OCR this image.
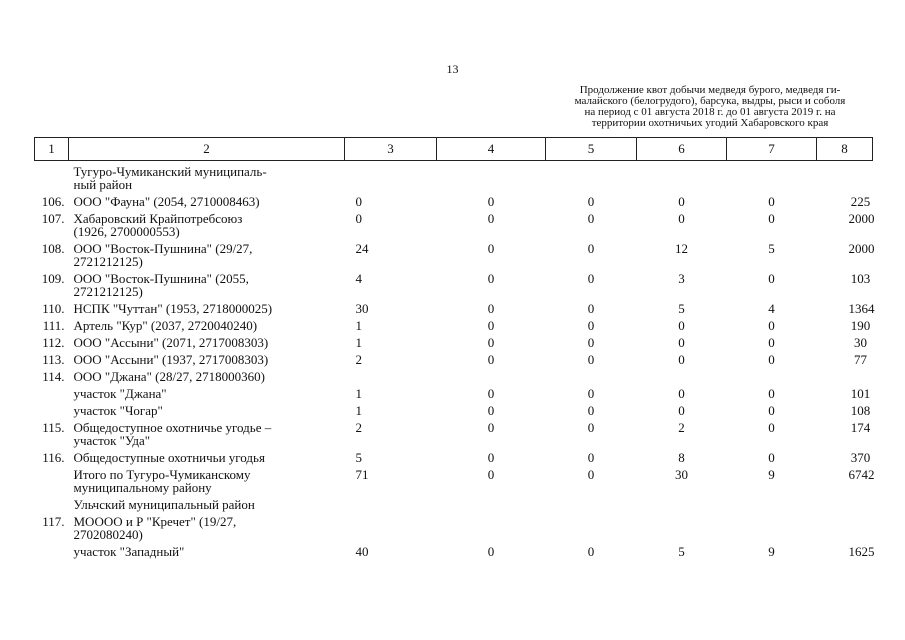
13
Продолжение квот добычи медведя бурого, медведя ги-
малайского (белогрудого), барсука, выдры, рыси и соболя
на период с 01 августа 2018 г. до 01 августа 2019 г. на
территории охотничьих угодий Хабаровского края
1	2	3	4	5	6	7	8
	Тугуро-Чумиканский муниципаль-
ный район						
106.	ООО "Фауна" (2054, 2710008463)	0	0	0	0	0	225
107.	Хабаровский Крайпотребсоюз
(1926, 2700000553)	0	0	0	0	0	2000
108.	ООО "Восток-Пушнина" (29/27,
2721212125)	24	0	0	12	5	2000
109.	ООО "Восток-Пушнина" (2055,
2721212125)	4	0	0	3	0	103
110.	НСПК "Чуттан" (1953, 2718000025)	30	0	0	5	4	1364
111.	Артель "Кур" (2037, 2720040240)	1	0	0	0	0	190
112.	ООО "Ассыни" (2071, 2717008303)	1	0	0	0	0	30
113.	ООО "Ассыни" (1937, 2717008303)	2	0	0	0	0	77
114.	ООО "Джана" (28/27, 2718000360)						
	участок "Джана"	1	0	0	0	0	101
	участок "Чогар"	1	0	0	0	0	108
115.	Общедоступное охотничье угодье –
участок "Уда"	2	0	0	2	0	174
116.	Общедоступные охотничьи угодья	5	0	0	8	0	370
	Итого по Тугуро-Чумиканскому
муниципальному району	71	0	0	30	9	6742
	Ульчский муниципальный район						
117.	МОООО и Р "Кречет" (19/27,
2702080240)						
	участок "Западный"	40	0	0	5	9	1625
